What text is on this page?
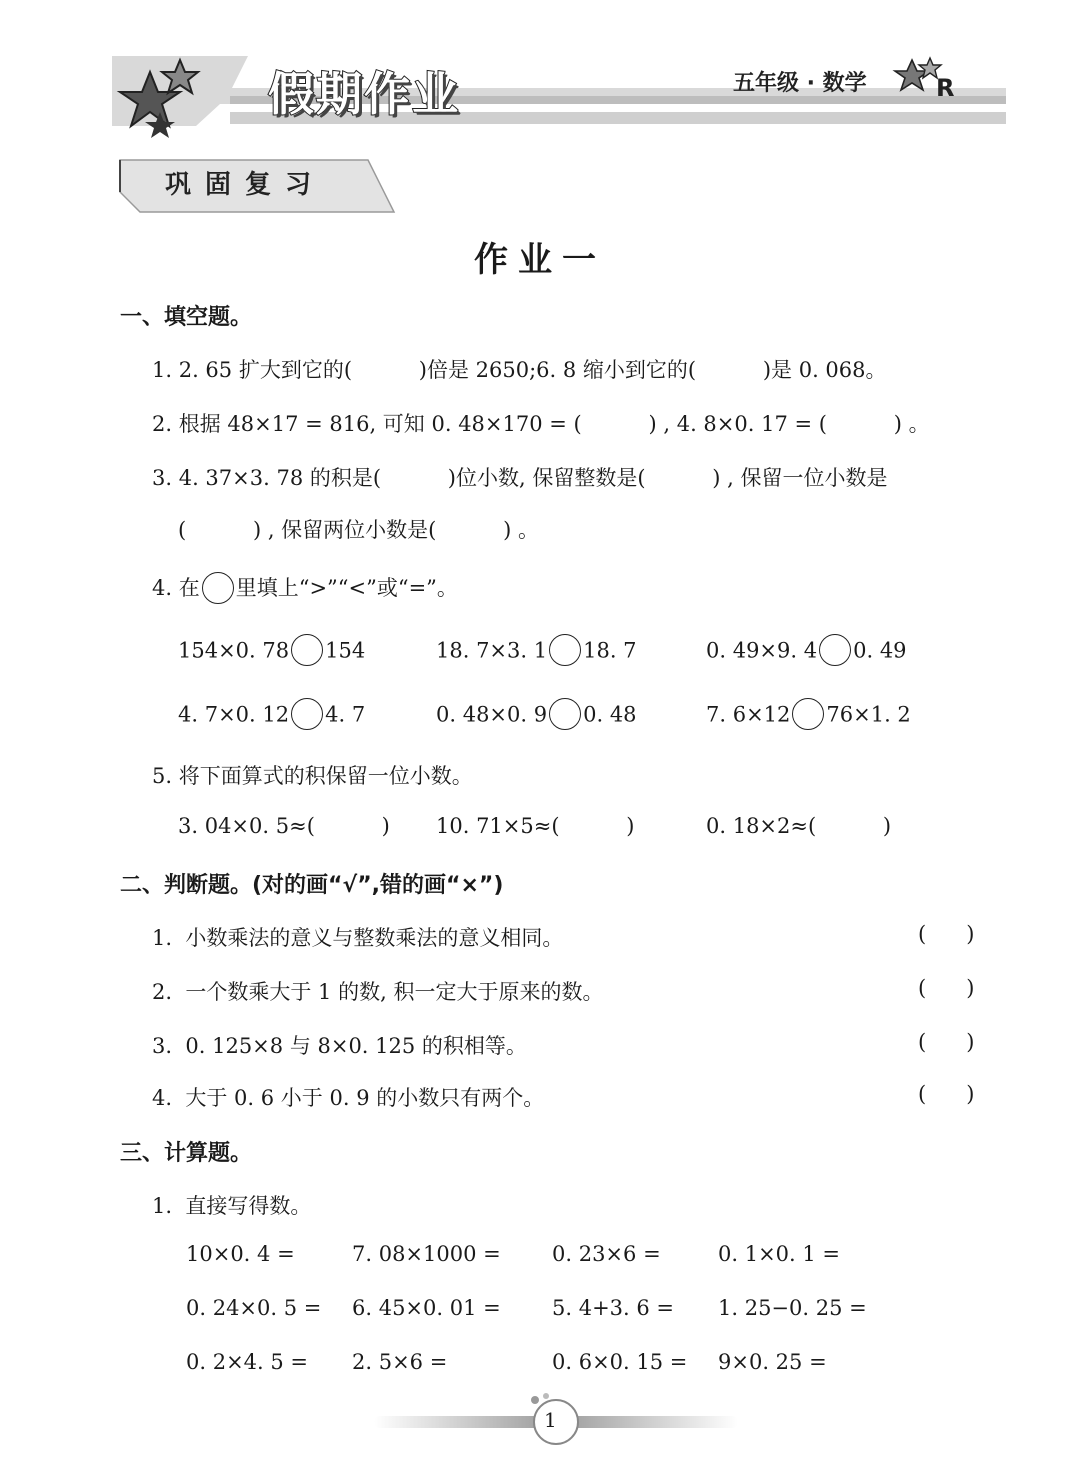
假期作业	五年级 · 数学	R
巩固复习
作业一
一、填空题。
1. 2. 65 扩大到它的(          )倍是 2650;6. 8 缩小到它的(          )是 0. 068。
2. 根据 48×17 = 816, 可知 0. 48×170 = (          ) , 4. 8×0. 17 = (          ) 。
3. 4. 37×3. 78 的积是(          )位小数, 保留整数是(          ) , 保留一位小数是
(          ) , 保留两位小数是(          ) 。
4. 在 里填上“>”“<”或“=”。
154×0. 78 154	18. 7×3. 1 18. 7	0. 49×9. 4 0. 49
4. 7×0. 12 4. 7	0. 48×0. 9 0. 48	7. 6×12 76×1. 2
5. 将下面算式的积保留一位小数。
3. 04×0. 5≈(          ) 10. 71×5≈(          )	0. 18×2≈(          )
二、判断题。(对的画“√”,错的画“×”)
1.  小数乘法的意义与整数乘法的意义相同。	(      )
2.  一个数乘大于 1 的数, 积一定大于原来的数。	(      )
3.  0. 125×8 与 8×0. 125 的积相等。	(      )
4.  大于 0. 6 小于 0. 9 的小数只有两个。	(      )
三、计算题。
1.  直接写得数。
10×0. 4 =	7. 08×1000 = 0. 23×6 =	0. 1×0. 1 =
0. 24×0. 5 = 6. 45×0. 01 = 5. 4+3. 6 = 1. 25−0. 25 =
0. 2×4. 5 = 2. 5×6 =	0. 6×0. 15 = 9×0. 25 =
1
